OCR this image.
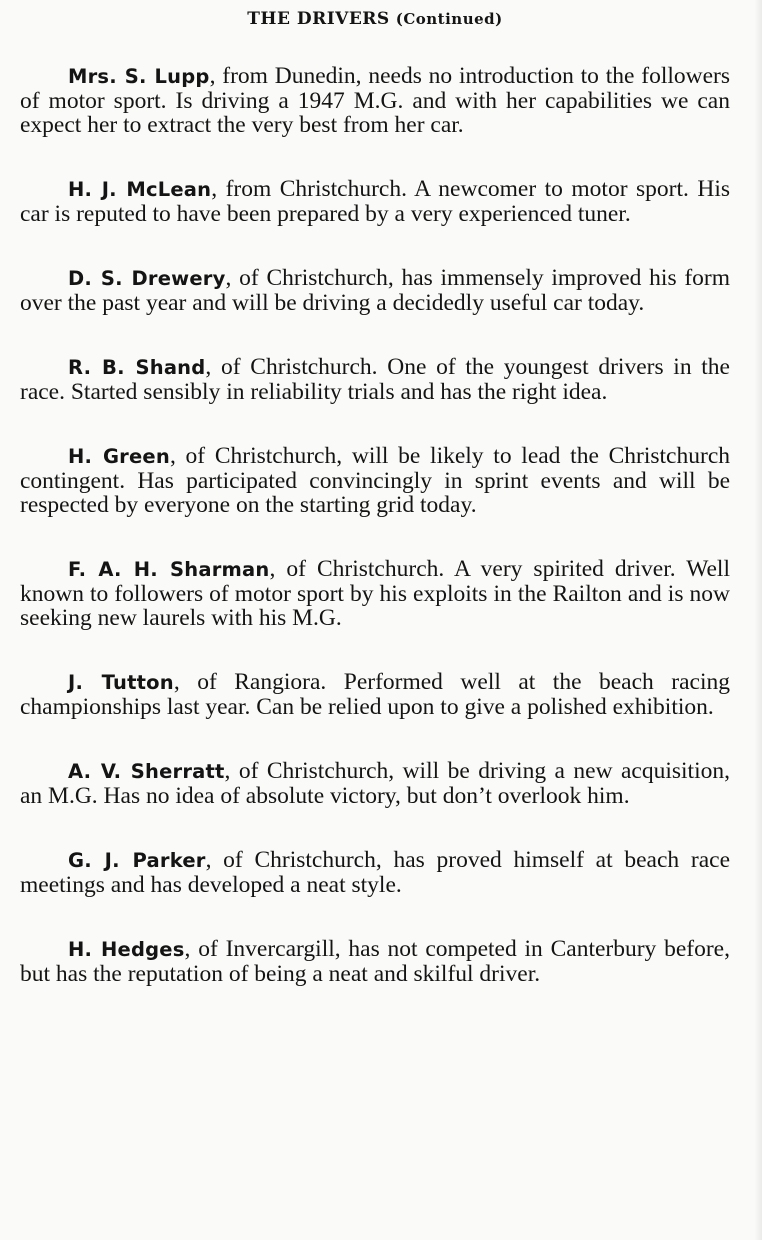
THE DRIVERS (Continued)

Mrs. S. Lupp, from Dunedin, needs no introduction to the followers of motor sport. Is driving a 1947 M.G. and with her capabilities we can expect her to extract the very best from her car.

H. J. McLean, from Christchurch. A newcomer to motor sport. His car is reputed to have been prepared by a very experienced tuner.

D. S. Drewery, of Christchurch, has immensely improved his form over the past year and will be driving a decidedly useful car today.

R. B. Shand, of Christchurch. One of the youngest drivers in the race. Started sensibly in reliability trials and has the right idea.

H. Green, of Christchurch, will be likely to lead the Christchurch contingent. Has participated convincingly in sprint events and will be respected by everyone on the starting grid today.

F. A. H. Sharman, of Christchurch. A very spirited driver. Well known to followers of motor sport by his exploits in the Railton and is now seeking new laurels with his M.G.

J. Tutton, of Rangiora. Performed well at the beach racing championships last year. Can be relied upon to give a polished exhibition.

A. V. Sherratt, of Christchurch, will be driving a new acquisition, an M.G. Has no idea of absolute victory, but don’t overlook him.

G. J. Parker, of Christchurch, has proved himself at beach race meetings and has developed a neat style.

H. Hedges, of Invercargill, has not competed in Canterbury before, but has the reputation of being a neat and skilful driver.
